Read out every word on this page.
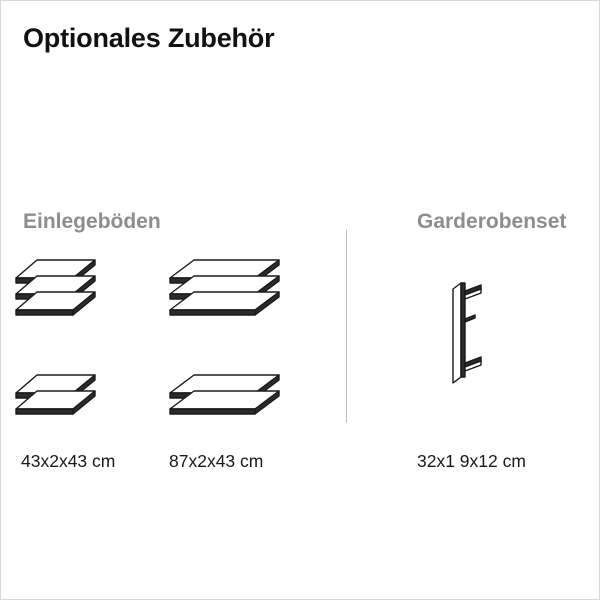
Optionales Zubehör
Einlegeböden	Garderobenset
43x2x43 cm	87x2x43 cm	32x1 9x12 cm
